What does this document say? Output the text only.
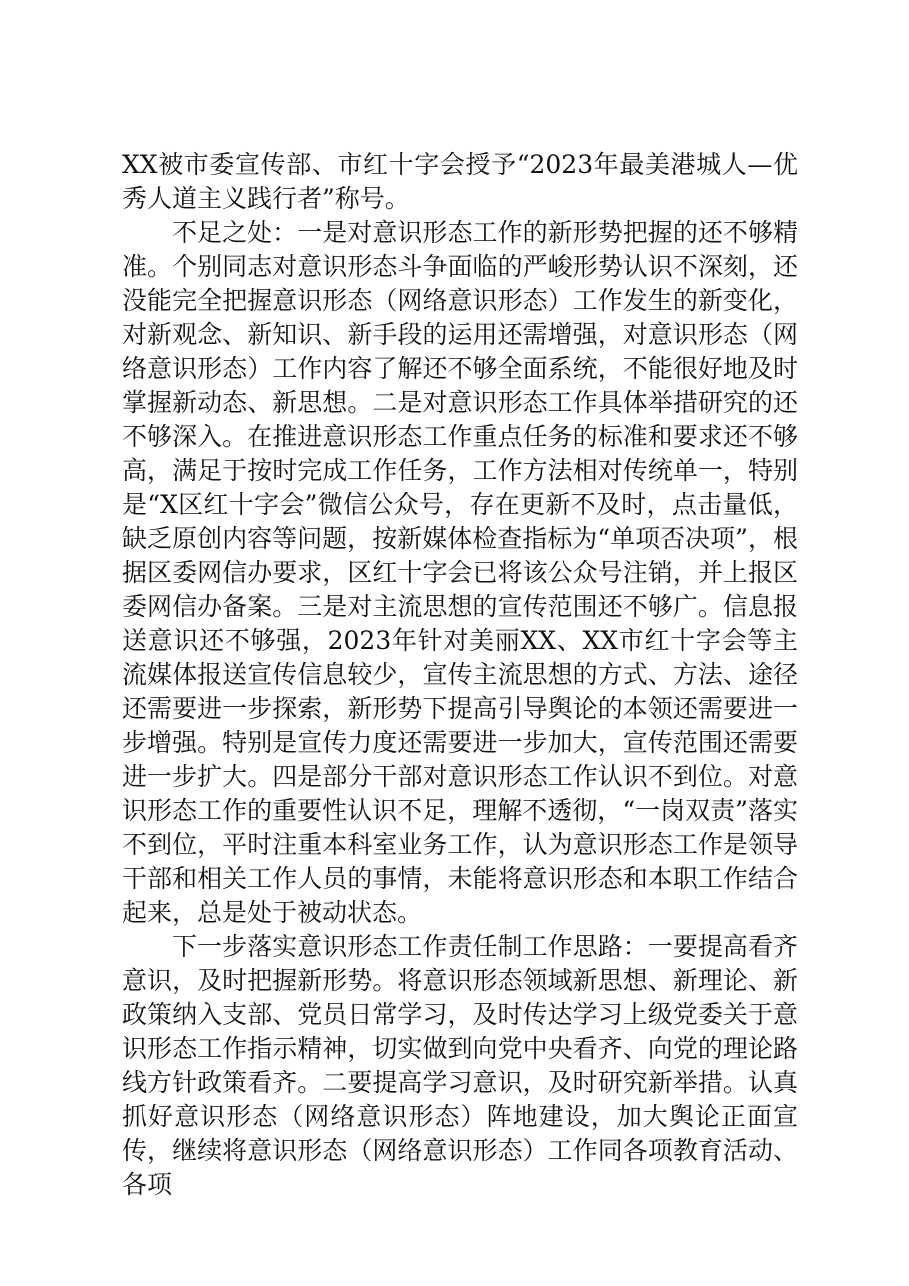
XX被市委宣传部、市红十字会授予“2023年最美港城人—优秀人道主义践行者”称号。

不足之处：一是对意识形态工作的新形势把握的还不够精准。个别同志对意识形态斗争面临的严峻形势认识不深刻，还没能完全把握意识形态（网络意识形态）工作发生的新变化，对新观念、新知识、新手段的运用还需增强，对意识形态（网络意识形态）工作内容了解还不够全面系统，不能很好地及时掌握新动态、新思想。二是对意识形态工作具体举措研究的还不够深入。在推进意识形态工作重点任务的标准和要求还不够高，满足于按时完成工作任务，工作方法相对传统单一，特别是“X区红十字会”微信公众号，存在更新不及时，点击量低，缺乏原创内容等问题，按新媒体检查指标为“单项否决项”，根据区委网信办要求，区红十字会已将该公众号注销，并上报区委网信办备案。三是对主流思想的宣传范围还不够广。信息报送意识还不够强，2023年针对美丽XX、XX市红十字会等主流媒体报送宣传信息较少，宣传主流思想的方式、方法、途径还需要进一步探索，新形势下提高引导舆论的本领还需要进一步增强。特别是宣传力度还需要进一步加大，宣传范围还需要进一步扩大。四是部分干部对意识形态工作认识不到位。对意识形态工作的重要性认识不足，理解不透彻，“一岗双责”落实不到位，平时注重本科室业务工作，认为意识形态工作是领导干部和相关工作人员的事情，未能将意识形态和本职工作结合起来，总是处于被动状态。

下一步落实意识形态工作责任制工作思路：一要提高看齐意识，及时把握新形势。将意识形态领域新思想、新理论、新政策纳入支部、党员日常学习，及时传达学习上级党委关于意识形态工作指示精神，切实做到向党中央看齐、向党的理论路线方针政策看齐。二要提高学习意识，及时研究新举措。认真抓好意识形态（网络意识形态）阵地建设，加大舆论正面宣传，继续将意识形态（网络意识形态）工作同各项教育活动、各项
